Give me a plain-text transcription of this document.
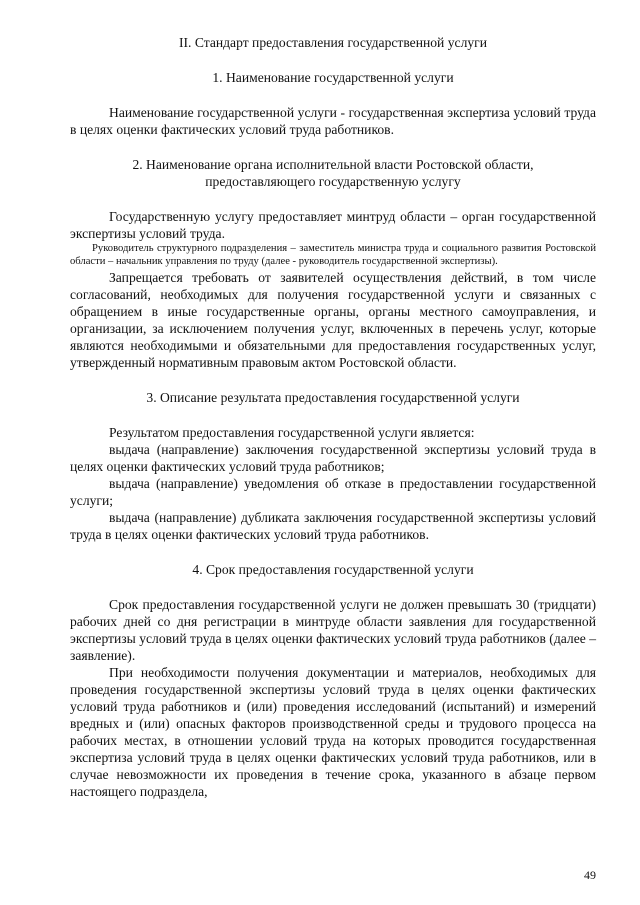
II. Стандарт предоставления государственной услуги

1. Наименование государственной услуги

Наименование государственной услуги - государственная экспертиза условий труда в целях оценки фактических условий труда работников.

2. Наименование органа исполнительной власти Ростовской области,

предоставляющего государственную услугу

Государственную услугу предоставляет минтруд области – орган государственной экспертизы условий труда.

Руководитель структурного подразделения – заместитель министра труда и социального развития Ростовской области – начальник управления по труду (далее - руководитель государственной экспертизы).

Запрещается требовать от заявителей осуществления действий, в том числе согласований, необходимых для получения государственной услуги и связанных с обращением в иные государственные органы, органы местного самоуправления, и организации, за исключением получения услуг, включенных в перечень услуг, которые являются необходимыми и обязательными для предоставления государственных услуг, утвержденный нормативным правовым актом Ростовской области.

3. Описание результата предоставления государственной услуги

Результатом предоставления государственной услуги является:

выдача (направление) заключения государственной экспертизы условий труда в целях оценки фактических условий труда работников;

выдача (направление) уведомления об отказе в предоставлении государственной услуги;

выдача (направление) дубликата заключения государственной экспертизы условий труда в целях оценки фактических условий труда работников.

4. Срок предоставления государственной услуги

Срок предоставления государственной услуги не должен превышать 30 (тридцати) рабочих дней со дня регистрации в минтруде области заявления для государственной экспертизы условий труда в целях оценки фактических условий труда работников (далее – заявление).

При необходимости получения документации и материалов, необходимых для проведения государственной экспертизы условий труда в целях оценки фактических условий труда работников и (или) проведения исследований (испытаний) и измерений вредных и (или) опасных факторов производственной среды и трудового процесса на рабочих местах, в отношении условий труда на которых проводится государственная экспертиза условий труда в целях оценки фактических условий труда работников, или в случае невозможности их проведения в течение срока, указанного в абзаце первом настоящего подраздела,

49
